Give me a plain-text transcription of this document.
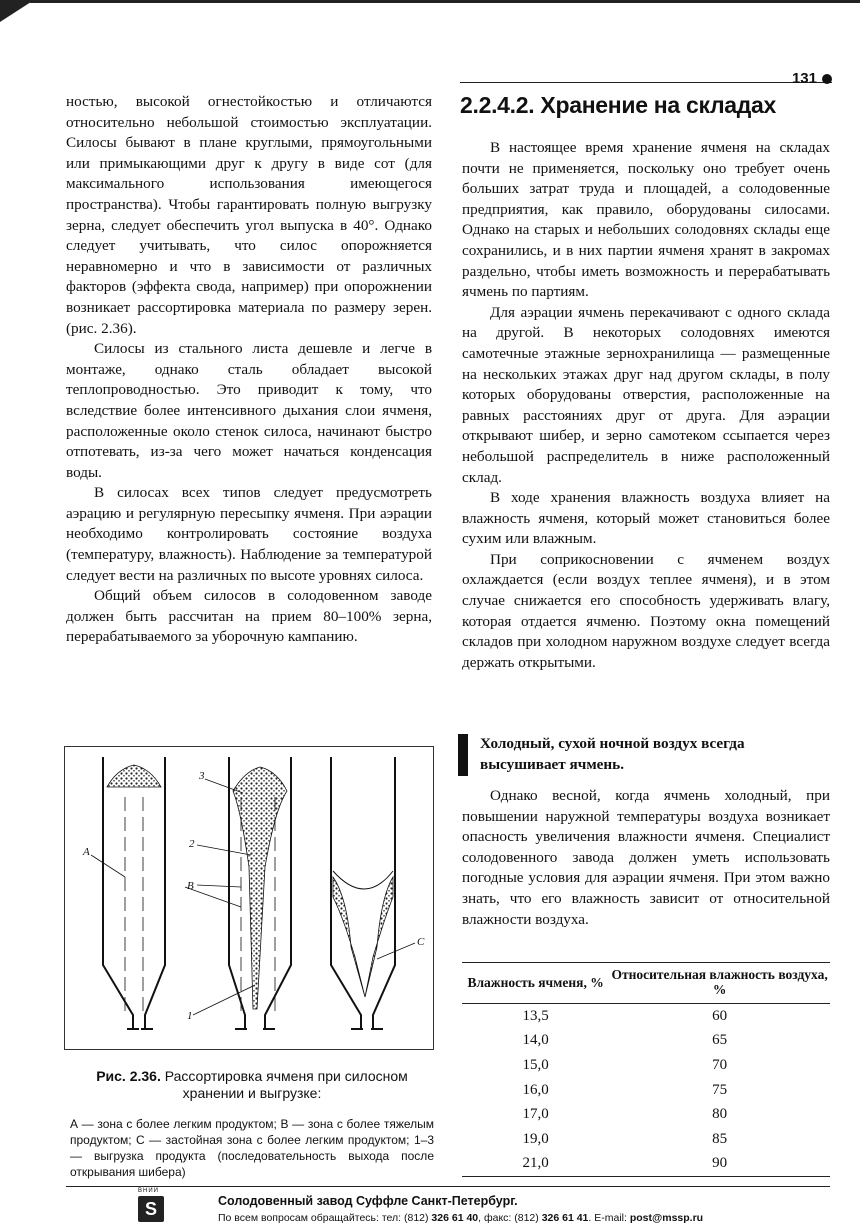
131

ностью, высокой огнестойкостью и отличаются относительно небольшой стоимостью эксплуатации. Силосы бывают в плане круглыми, прямоугольными или примыкающими друг к другу в виде сот (для максимального использования имеющегося пространства). Чтобы гарантировать полную выгрузку зерна, следует обеспечить угол выпуска в 40°. Однако следует учитывать, что силос опорожняется неравномерно и что в зависимости от различных факторов (эффекта свода, например) при опорожнении возникает рассортировка материала по размеру зерен. (рис. 2.36).

Силосы из стального листа дешевле и легче в монтаже, однако сталь обладает высокой теплопроводностью. Это приводит к тому, что вследствие более интенсивного дыхания слои ячменя, расположенные около стенок силоса, начинают быстро отпотевать, из-за чего может начаться конденсация воды.

В силосах всех типов следует предусмотреть аэрацию и регулярную пересыпку ячменя. При аэрации необходимо контролировать состояние воздуха (температуру, влажность). Наблюдение за температурой следует вести на различных по высоте уровнях силоса.

Общий объем силосов в солодовенном заводе должен быть рассчитан на прием 80–100% зерна, перерабатываемого за уборочную кампанию.

2.2.4.2. Хранение на складах

В настоящее время хранение ячменя на складах почти не применяется, поскольку оно требует очень больших затрат труда и площадей, а солодовенные предприятия, как правило, оборудованы силосами. Однако на старых и небольших солодовнях склады еще сохранились, и в них партии ячменя хранят в закромах раздельно, чтобы иметь возможность и перерабатывать ячмень по партиям.

Для аэрации ячмень перекачивают с одного склада на другой. В некоторых солодовнях имеются самотечные этажные зернохранилища — размещенные на нескольких этажах друг над другом склады, в полу которых оборудованы отверстия, расположенные на равных расстояниях друг от друга. Для аэрации открывают шибер, и зерно самотеком ссыпается через небольшой распределитель в ниже расположенный склад.

В ходе хранения влажность воздуха влияет на влажность ячменя, который может становиться более сухим или влажным.

При соприкосновении с ячменем воздух охлаждается (если воздух теплее ячменя), и в этом случае снижается его способность удерживать влагу, которая отдается ячменю. Поэтому окна помещений складов при холодном наружном воздухе следует всегда держать открытыми.

Холодный, сухой ночной воздух всегда высушивает ячмень.

Однако весной, когда ячмень холодный, при повышении наружной температуры воздуха возникает опасность увеличения влажности ячменя. Специалист солодовенного завода должен уметь использовать погодные условия для аэрации ячменя. При этом важно знать, что его влажность зависит от относительной влажности воздуха.

Влажность ячменя, %	Относительная влажность воздуха, %
13,5	60
14,0	65
15,0	70
16,0	75
17,0	80
19,0	85
21,0	90
A
B
C
1
2
3
Рис. 2.36. Рассортировка ячменя при силосном хранении и выгрузке:
А — зона с более легким продуктом; В — зона с более тяжелым продуктом; С — застойная зона с более легким продуктом; 1–3 — выгрузка продукта (последовательность выхода после открывания шибера)
ВНИИ
S	Солодовенный завод Суффле Санкт-Петербург.
По всем вопросам обращайтесь: тел: (812) 326 61 40, факс: (812) 326 61 41. E-mail: post@mssp.ru
